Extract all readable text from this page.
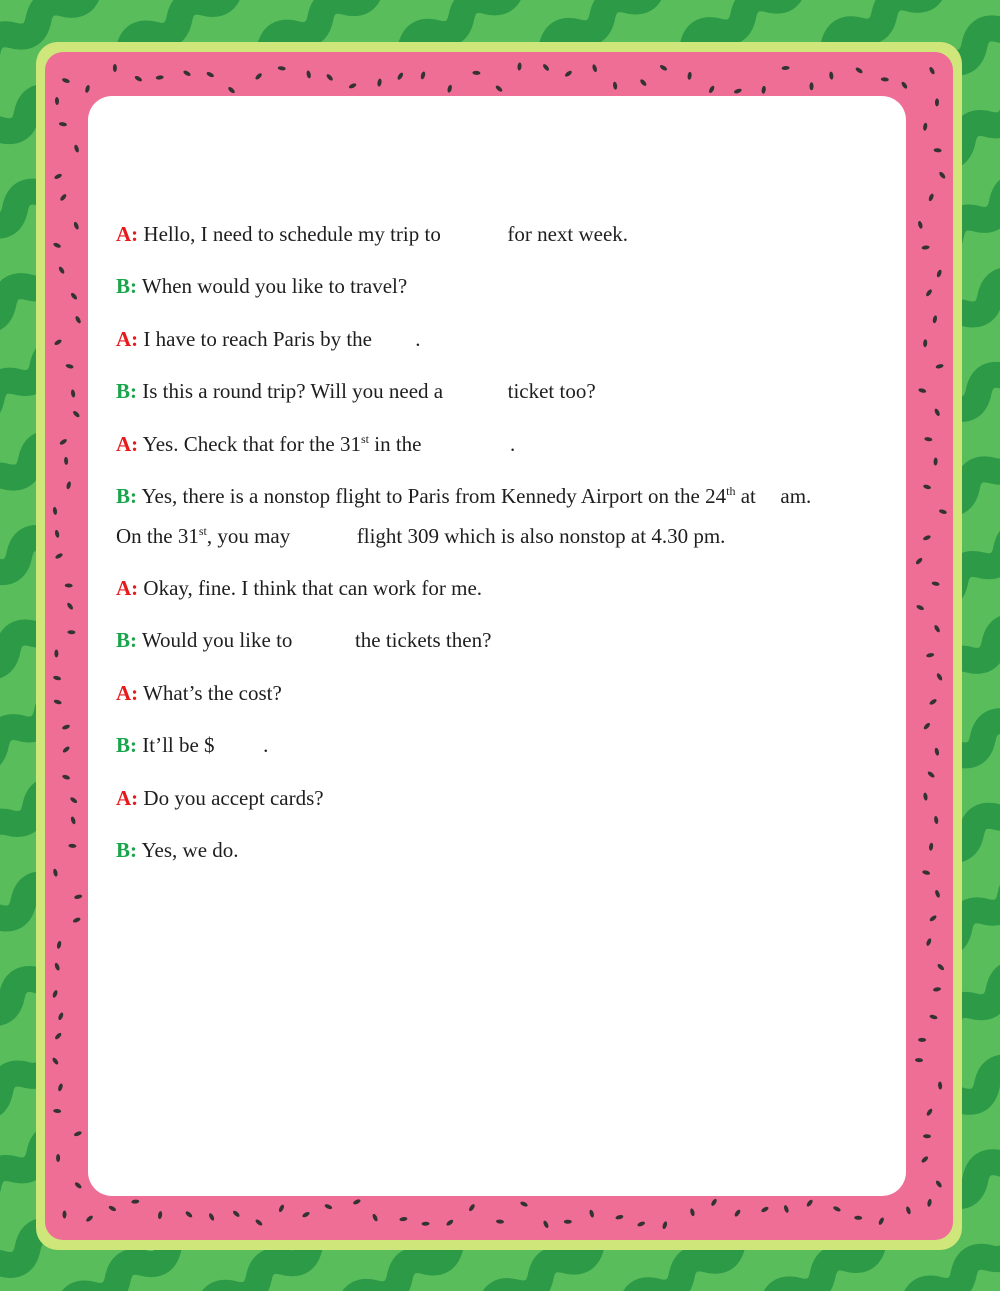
A: Hello, I need to schedule my trip to	for next week.

B: When would you like to travel?

A: I have to reach Paris by the .

B: Is this a round trip? Will you need a	ticket too?

A: Yes. Check that for the 31st in the	.

B: Yes, there is a nonstop flight to Paris from Kennedy Airport on the 24th at am.

On the 31st, you may	flight 309 which is also nonstop at 4.30 pm.

A: Okay, fine. I think that can work for me.

B: Would you like to	the tickets then?

A: What’s the cost?

B: It’ll be $ .

A: Do you accept cards?

B: Yes, we do.
